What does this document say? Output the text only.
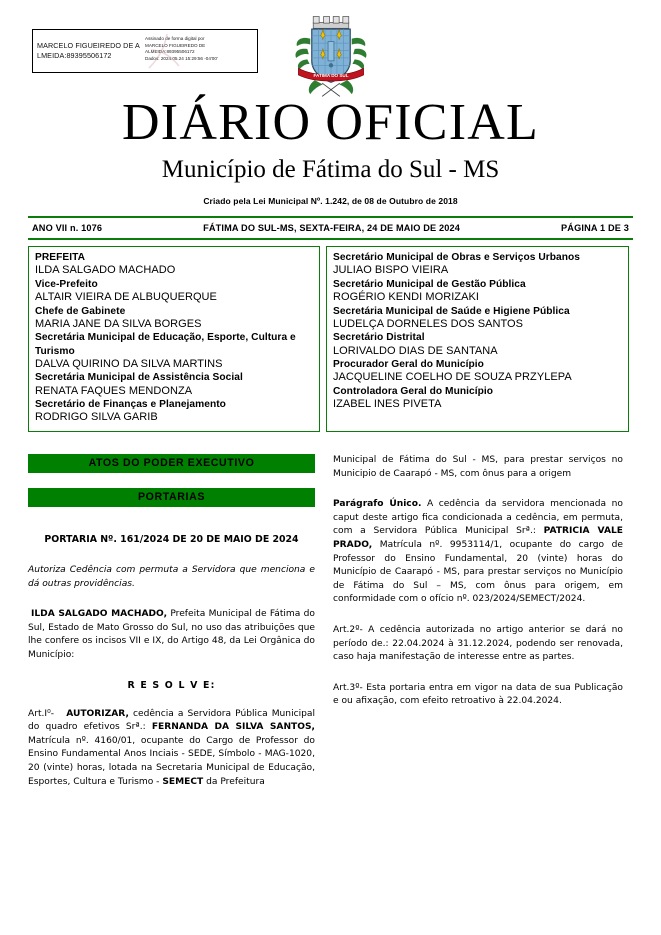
MARCELO FIGUEIREDO DE ALMEIDA:89395506172
Assinado de forma digital por
MARCELO FIGUEIREDO DE
ALMEIDA:89395506172
Dados: 2024.05.24 15:29:56 -04'00'
FATIMA DO SUL
DIÁRIO OFICIAL
Município de Fátima do Sul - MS
Criado pela Lei Municipal Nº. 1.242, de 08 de Outubro de 2018
ANO VII n. 1076	FÁTIMA DO SUL-MS, SEXTA-FEIRA, 24 DE MAIO DE 2024	PÁGINA 1 DE 3
PREFEITA
ILDA SALGADO MACHADO
Vice-Prefeito
ALTAIR VIEIRA DE ALBUQUERQUE
Chefe de Gabinete
MARIA JANE DA SILVA BORGES
Secretária Municipal de Educação, Esporte, Cultura e Turismo
DALVA QUIRINO DA SILVA MARTINS
Secretária Municipal de Assistência Social
RENATA FAQUES MENDONZA
Secretário de Finanças e Planejamento
RODRIGO SILVA GARIB
Secretário Municipal de Obras e Serviços Urbanos
JULIAO BISPO VIEIRA
Secretário Municipal de Gestão Pública
ROGÉRIO KENDI MORIZAKI
Secretária Municipal de Saúde e Higiene Pública
LUDELÇA DORNELES DOS SANTOS
Secretário Distrital
LORIVALDO DIAS DE SANTANA
Procurador Geral do Município
JACQUELINE COELHO DE SOUZA PRZYLEPA
Controladora Geral do Município
IZABEL INES PIVETA
ATOS DO PODER EXECUTIVO
PORTARIAS
PORTARIA Nº. 161/2024 DE 20 DE MAIO DE 2024
Autoriza Cedência com permuta a Servidora que menciona e dá outras providências.

ILDA SALGADO MACHADO, Prefeita Municipal de Fátima do Sul, Estado de Mato Grosso do Sul, no uso das atribuições que lhe confere os incisos VII e IX, do Artigo 48, da Lei Orgânica do Município:

R E S O L V E:

Art.I⁰- AUTORIZAR, cedência a Servidora Pública Municipal do quadro efetivos Srª.: FERNANDA DA SILVA SANTOS, Matrícula nº. 4160/01, ocupante do Cargo de Professor do Ensino Fundamental Anos Inciais - SEDE, Símbolo - MAG-1020, 20 (vinte) horas, lotada na Secretaria Municipal de Educação, Esportes, Cultura e Turismo - SEMECT da Prefeitura

Municipal de Fátima do Sul - MS, para prestar serviços no Municipio de Caarapó - MS, com ônus para a origem

Parágrafo Único. A cedência da servidora mencionada no caput deste artigo fica condicionada a cedência, em permuta, com a Servidora Pública Municipal Srª.: PATRICIA VALE PRADO, Matrícula nº. 9953114/1, ocupante do cargo de Professor do Ensino Fundamental, 20 (vinte) horas do Município de Caarapó - MS, para prestar serviços no Município de Fátima do Sul – MS, com ônus para origem, em conformidade com o ofício nº. 023/2024/SEMECT/2024.

Art.2º- A cedência autorizada no artigo anterior se dará no período de.: 22.04.2024 à 31.12.2024, podendo ser renovada, caso haja manifestação de interesse entre as partes.

Art.3º- Esta portaria entra em vigor na data de sua Publicação e ou afixação, com efeito retroativo à 22.04.2024.
